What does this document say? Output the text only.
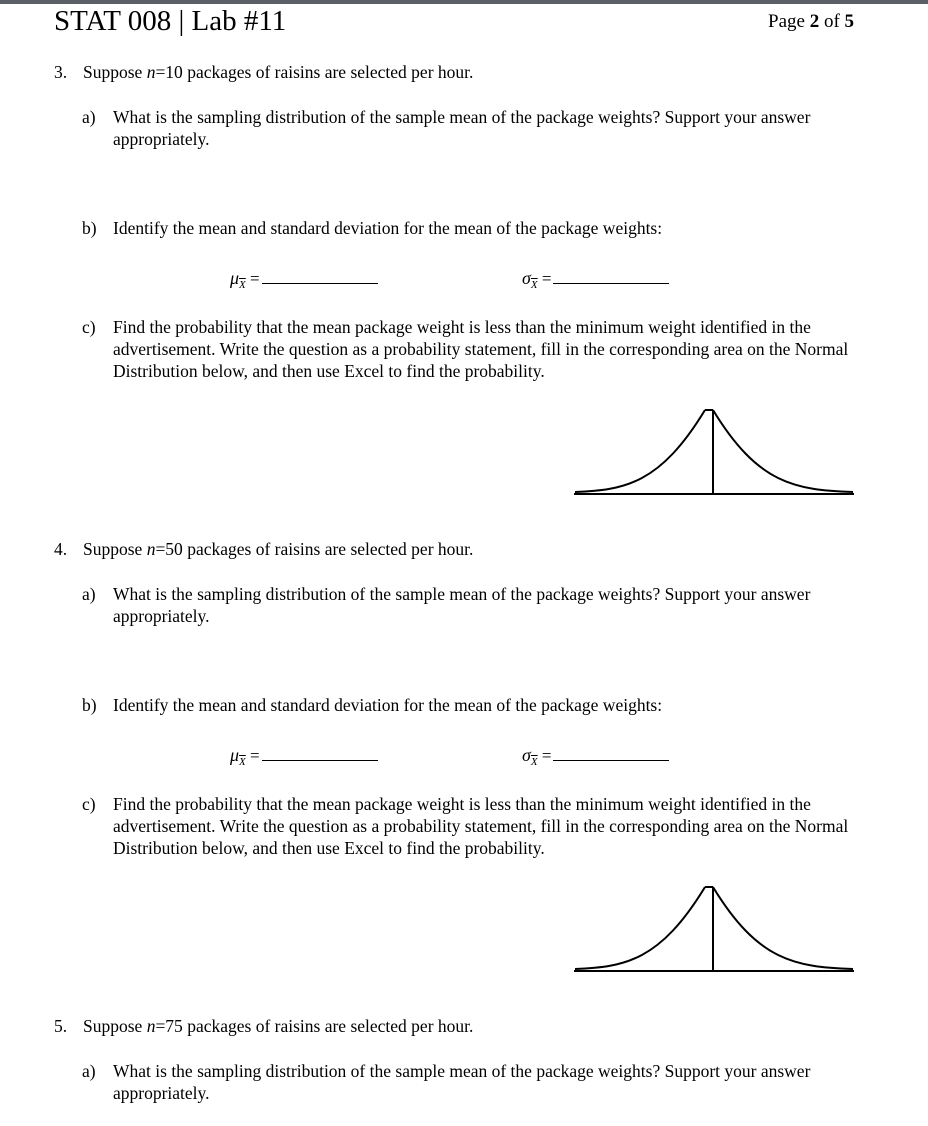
STAT 008 | Lab #11	Page 2 of 5
3. Suppose n=10 packages of raisins are selected per hour.
a) What is the sampling distribution of the sample mean of the package weights? Support your answer appropriately.
b) Identify the mean and standard deviation for the mean of the package weights:
$\mu_{\overline{X}}$ =	$\sigma_{\overline{X}}$ =
c) Find the probability that the mean package weight is less than the minimum weight identified in the advertisement. Write the question as a probability statement, fill in the corresponding area on the Normal Distribution below, and then use Excel to find the probability.
4. Suppose n=50 packages of raisins are selected per hour.
a) What is the sampling distribution of the sample mean of the package weights? Support your answer appropriately.
b) Identify the mean and standard deviation for the mean of the package weights:
$\mu_{\overline{X}}$ =	$\sigma_{\overline{X}}$ =
c) Find the probability that the mean package weight is less than the minimum weight identified in the advertisement. Write the question as a probability statement, fill in the corresponding area on the Normal Distribution below, and then use Excel to find the probability.
5. Suppose n=75 packages of raisins are selected per hour.
a) What is the sampling distribution of the sample mean of the package weights? Support your answer appropriately.
